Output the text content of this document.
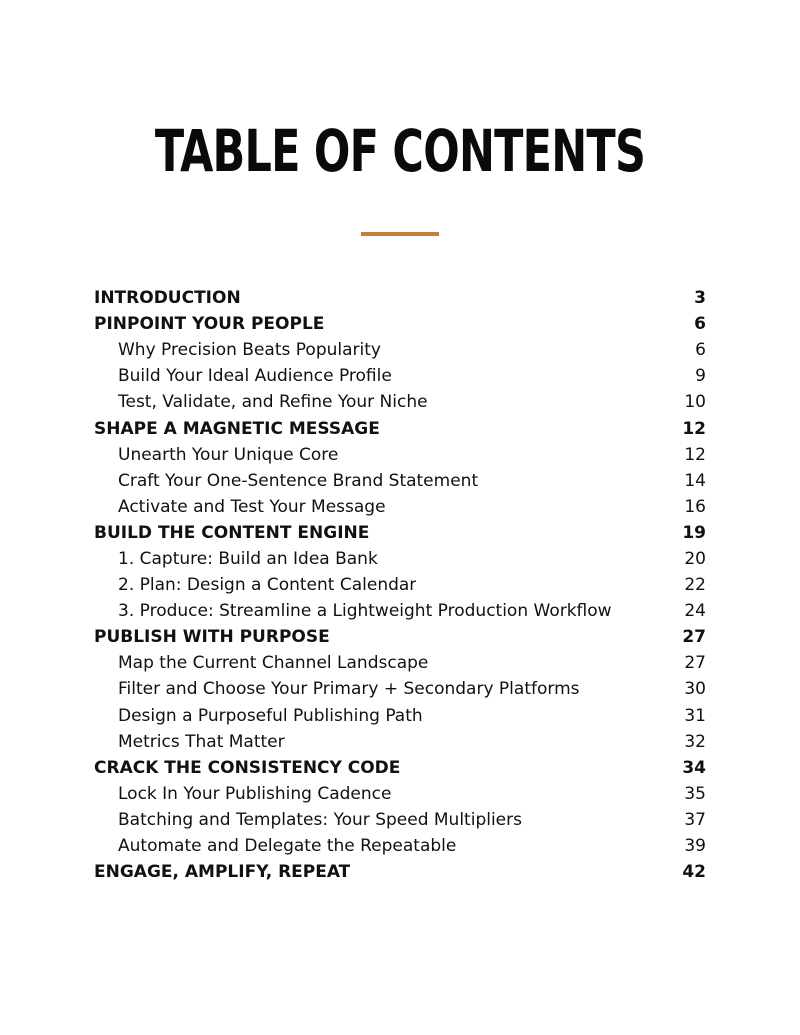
TABLE OF CONTENTS
INTRODUCTION	3
PINPOINT YOUR PEOPLE	6
Why Precision Beats Popularity	6
Build Your Ideal Audience Profile	9
Test, Validate, and Refine Your Niche	10
SHAPE A MAGNETIC MESSAGE	12
Unearth Your Unique Core	12
Craft Your One-Sentence Brand Statement	14
Activate and Test Your Message	16
BUILD THE CONTENT ENGINE	19
1. Capture: Build an Idea Bank	20
2. Plan: Design a Content Calendar	22
3. Produce: Streamline a Lightweight Production Workflow	24
PUBLISH WITH PURPOSE	27
Map the Current Channel Landscape	27
Filter and Choose Your Primary + Secondary Platforms	30
Design a Purposeful Publishing Path	31
Metrics That Matter	32
CRACK THE CONSISTENCY CODE	34
Lock In Your Publishing Cadence	35
Batching and Templates: Your Speed Multipliers	37
Automate and Delegate the Repeatable	39
ENGAGE, AMPLIFY, REPEAT	42
